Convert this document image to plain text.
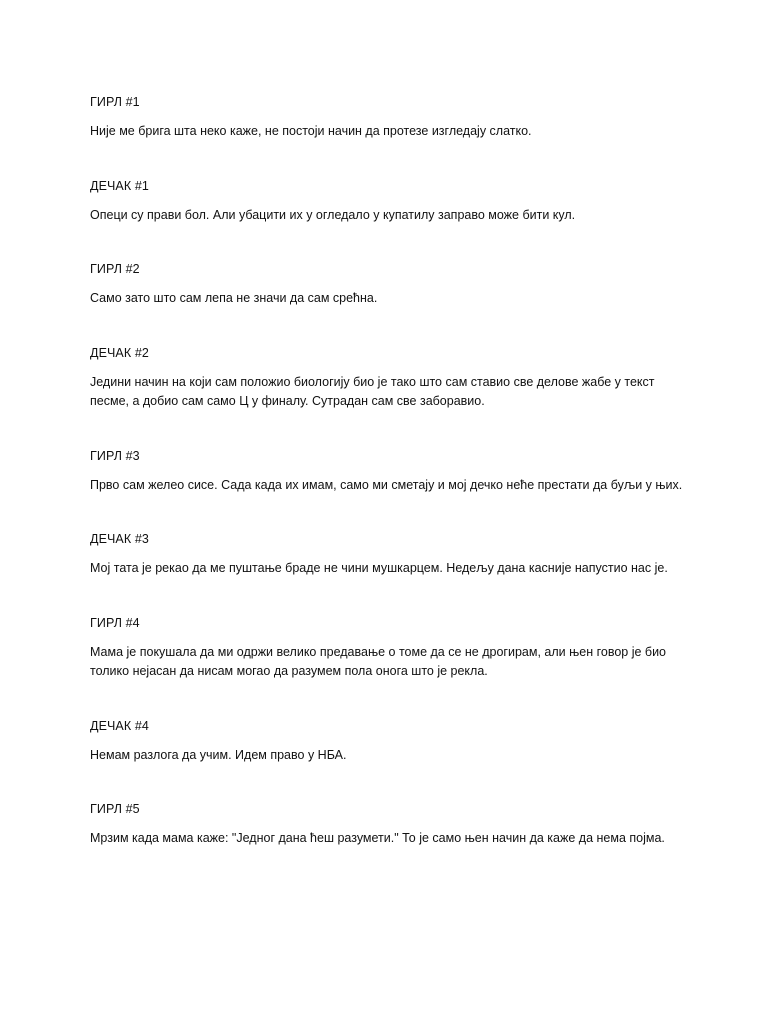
ГИРЛ #1

Није ме брига шта неко каже, не постоји начин да протезе изгледају слатко.

ДЕЧАК #1

Опеци су прави бол. Али убацити их у огледало у купатилу заправо може бити кул.

ГИРЛ #2

Само зато што сам лепа не значи да сам срећна.

ДЕЧАК #2

Једини начин на који сам положио биологију био је тако што сам ставио све делове жабе у текст песме, а добио сам само Ц у финалу. Сутрадан сам све заборавио.

ГИРЛ #3

Прво сам желео сисе. Сада када их имам, само ми сметају и мој дечко неће престати да буљи у њих.

ДЕЧАК #3

Мој тата је рекао да ме пуштање браде не чини мушкарцем. Недељу дана касније напустио нас је.

ГИРЛ #4

Мама је покушала да ми одржи велико предавање о томе да се не дрогирам, али њен говор је био толико нејасан да нисам могао да разумем пола онога што је рекла.

ДЕЧАК #4

Немам разлога да учим. Идем право у НБА.

ГИРЛ #5

Мрзим када мама каже: "Једног дана ћеш разумети." То је само њен начин да каже да нема појма.
